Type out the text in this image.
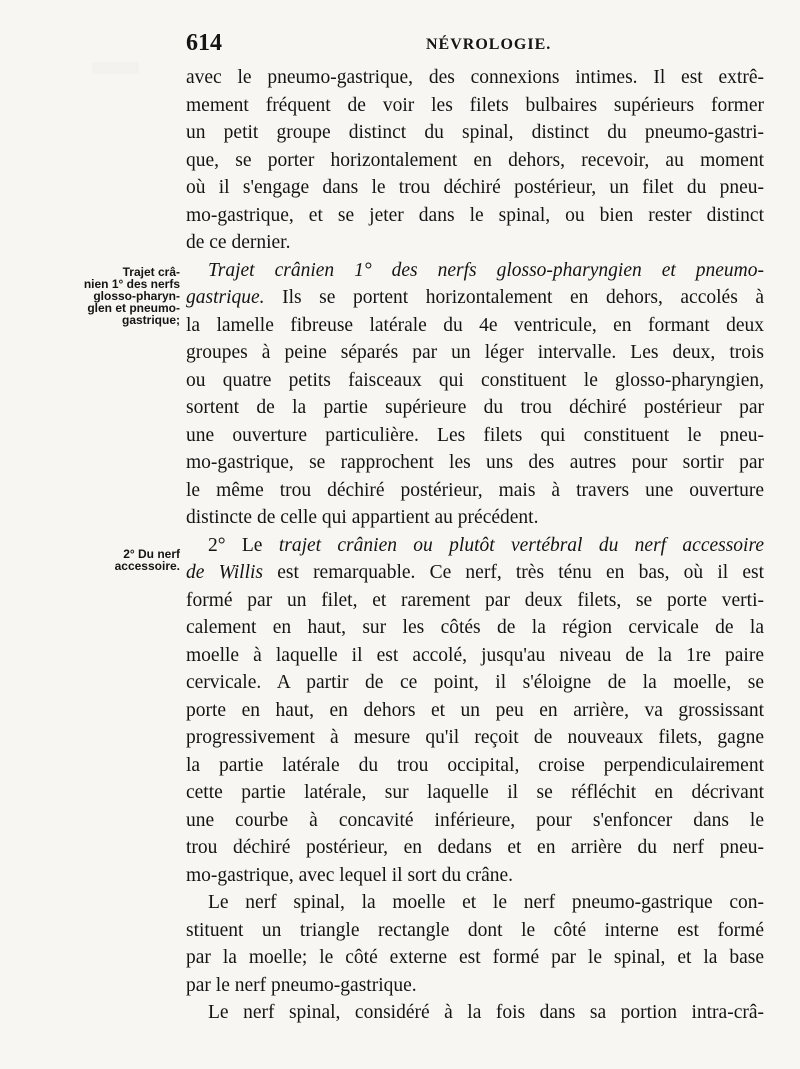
▒▒▒▒▒▒
614	NÉVROLOGIE.
Trajet crâ-
nien 1° des nerfs
glosso-pharyn-
glen et pneumo-
gastrique;
2° Du nerf
accessoire.
avec le pneumo-gastrique, des connexions intimes. Il est extrê-
mement fréquent de voir les filets bulbaires supérieurs former
un petit groupe distinct du spinal, distinct du pneumo-gastri-
que, se porter horizontalement en dehors, recevoir, au moment
où il s'engage dans le trou déchiré postérieur, un filet du pneu-
mo-gastrique, et se jeter dans le spinal, ou bien rester distinct
de ce dernier.
Trajet crânien 1° des nerfs glosso-pharyngien et pneumo-
gastrique. Ils se portent horizontalement en dehors, accolés à
la lamelle fibreuse latérale du 4e ventricule, en formant deux
groupes à peine séparés par un léger intervalle. Les deux, trois
ou quatre petits faisceaux qui constituent le glosso-pharyngien,
sortent de la partie supérieure du trou déchiré postérieur par
une ouverture particulière. Les filets qui constituent le pneu-
mo-gastrique, se rapprochent les uns des autres pour sortir par
le même trou déchiré postérieur, mais à travers une ouverture
distincte de celle qui appartient au précédent.
2° Le trajet crânien ou plutôt vertébral du nerf accessoire
de Willis est remarquable. Ce nerf, très ténu en bas, où il est
formé par un filet, et rarement par deux filets, se porte verti-
calement en haut, sur les côtés de la région cervicale de la
moelle à laquelle il est accolé, jusqu'au niveau de la 1re paire
cervicale. A partir de ce point, il s'éloigne de la moelle, se
porte en haut, en dehors et un peu en arrière, va grossissant
progressivement à mesure qu'il reçoit de nouveaux filets, gagne
la partie latérale du trou occipital, croise perpendiculairement
cette partie latérale, sur laquelle il se réfléchit en décrivant
une courbe à concavité inférieure, pour s'enfoncer dans le
trou déchiré postérieur, en dedans et en arrière du nerf pneu-
mo-gastrique, avec lequel il sort du crâne.
Le nerf spinal, la moelle et le nerf pneumo-gastrique con-
stituent un triangle rectangle dont le côté interne est formé
par la moelle; le côté externe est formé par le spinal, et la base
par le nerf pneumo-gastrique.
Le nerf spinal, considéré à la fois dans sa portion intra-crâ-
